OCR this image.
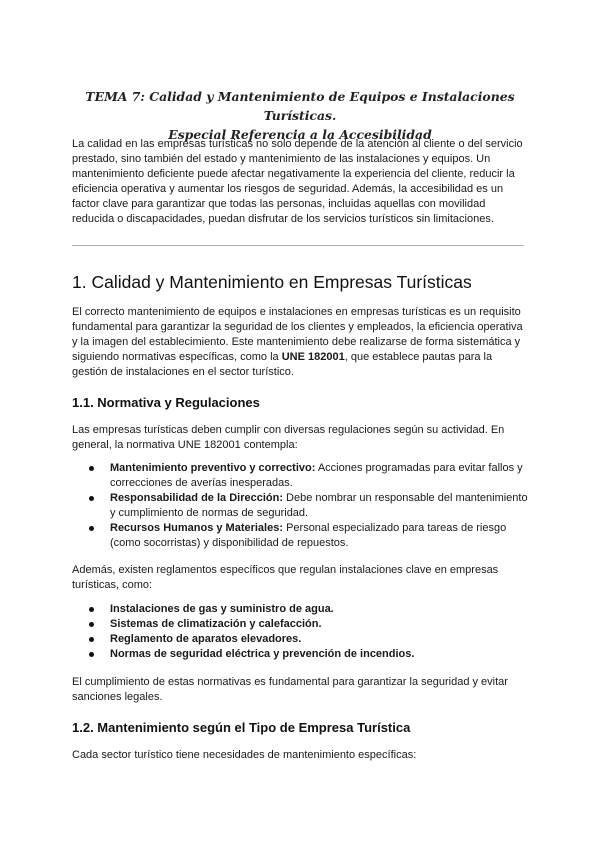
TEMA 7: Calidad y Mantenimiento de Equipos e Instalaciones Turísticas.
Especial Referencia a la Accesibilidad

La calidad en las empresas turísticas no solo depende de la atención al cliente o del servicio prestado, sino también del estado y mantenimiento de las instalaciones y equipos. Un mantenimiento deficiente puede afectar negativamente la experiencia del cliente, reducir la eficiencia operativa y aumentar los riesgos de seguridad. Además, la accesibilidad es un factor clave para garantizar que todas las personas, incluidas aquellas con movilidad reducida o discapacidades, puedan disfrutar de los servicios turísticos sin limitaciones.

1. Calidad y Mantenimiento en Empresas Turísticas

El correcto mantenimiento de equipos e instalaciones en empresas turísticas es un requisito fundamental para garantizar la seguridad de los clientes y empleados, la eficiencia operativa y la imagen del establecimiento. Este mantenimiento debe realizarse de forma sistemática y siguiendo normativas específicas, como la UNE 182001, que establece pautas para la gestión de instalaciones en el sector turístico.

1.1. Normativa y Regulaciones

Las empresas turísticas deben cumplir con diversas regulaciones según su actividad. En general, la normativa UNE 182001 contempla:

Mantenimiento preventivo y correctivo: Acciones programadas para evitar fallos y correcciones de averías inesperadas.
Responsabilidad de la Dirección: Debe nombrar un responsable del mantenimiento y cumplimiento de normas de seguridad.
Recursos Humanos y Materiales: Personal especializado para tareas de riesgo (como socorristas) y disponibilidad de repuestos.

Además, existen reglamentos específicos que regulan instalaciones clave en empresas turísticas, como:

Instalaciones de gas y suministro de agua.
Sistemas de climatización y calefacción.
Reglamento de aparatos elevadores.
Normas de seguridad eléctrica y prevención de incendios.

El cumplimiento de estas normativas es fundamental para garantizar la seguridad y evitar sanciones legales.

1.2. Mantenimiento según el Tipo de Empresa Turística

Cada sector turístico tiene necesidades de mantenimiento específicas:
